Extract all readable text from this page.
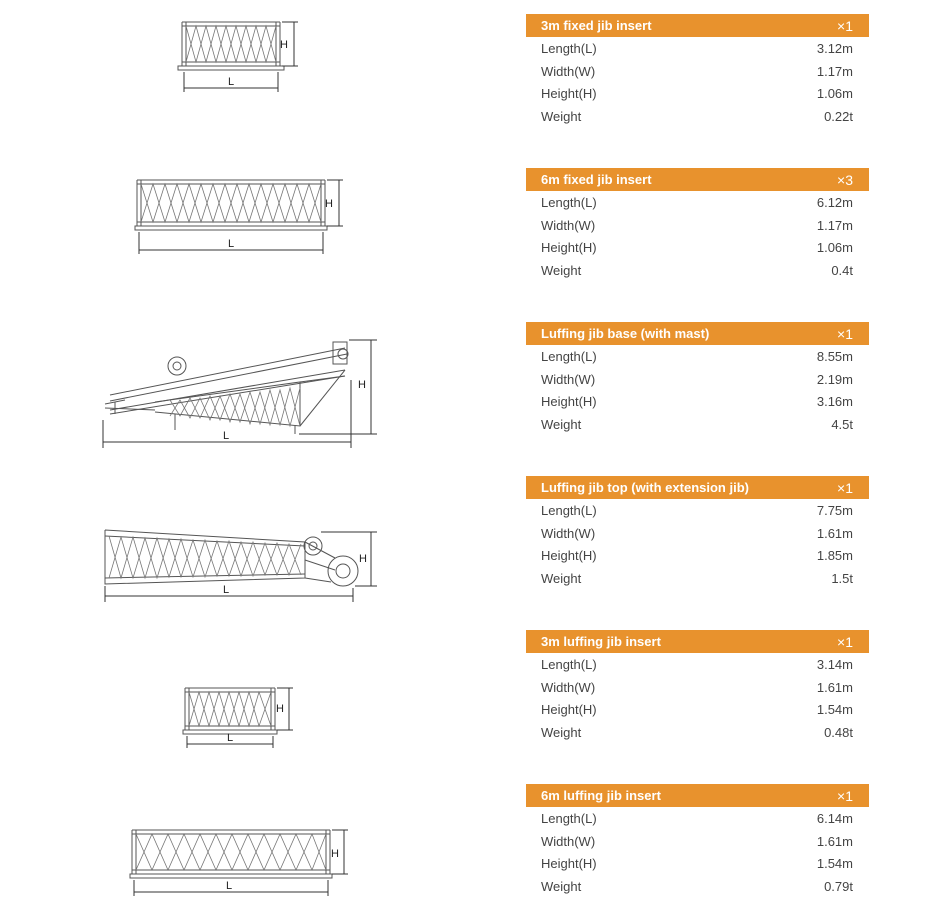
L
H
L
H
L
H
L
H
L
H
L
H
3m fixed jib insert	×1
Length(L)	3.12m
Width(W)	1.17m
Height(H)	1.06m
Weight	0.22t
6m fixed jib insert	×3
Length(L)	6.12m
Width(W)	1.17m
Height(H)	1.06m
Weight	0.4t
Luffing jib base (with mast)	×1
Length(L)	8.55m
Width(W)	2.19m
Height(H)	3.16m
Weight	4.5t
Luffing jib top (with extension jib)	×1
Length(L)	7.75m
Width(W)	1.61m
Height(H)	1.85m
Weight	1.5t
3m luffing jib insert	×1
Length(L)	3.14m
Width(W)	1.61m
Height(H)	1.54m
Weight	0.48t
6m luffing jib insert	×1
Length(L)	6.14m
Width(W)	1.61m
Height(H)	1.54m
Weight	0.79t
